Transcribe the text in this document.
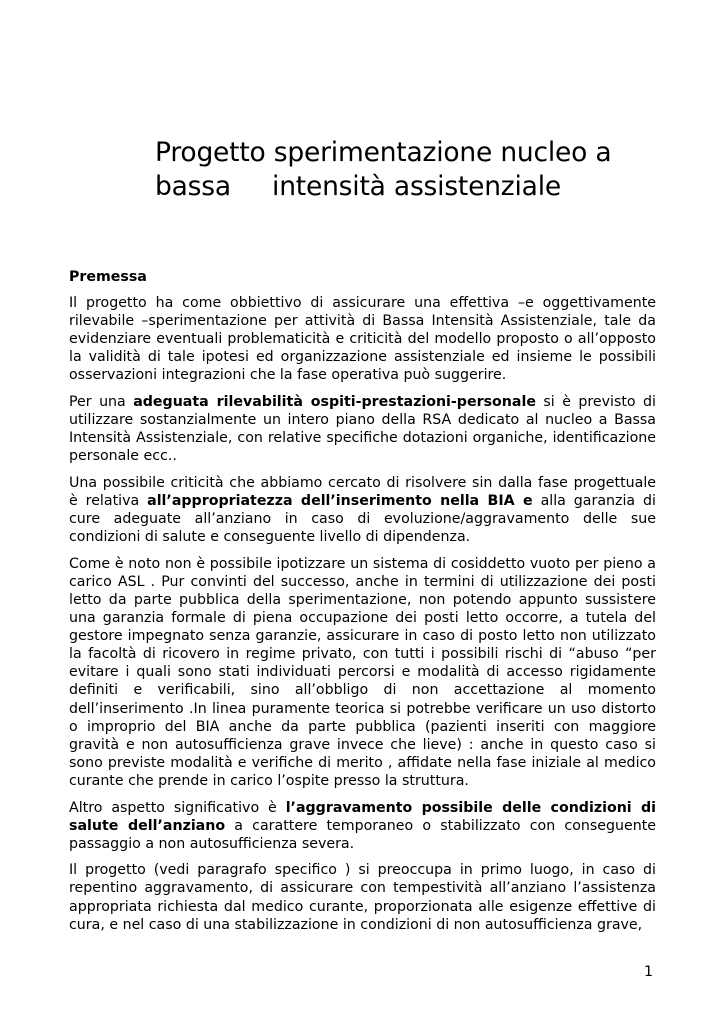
Progetto sperimentazione nucleo a
bassa     intensità assistenziale
Premessa

Il progetto ha come obbiettivo di assicurare una effettiva –e oggettivamente rilevabile –sperimentazione per attività di Bassa Intensità Assistenziale, tale da evidenziare eventuali problematicità e criticità del modello proposto o all’opposto la validità di tale ipotesi ed organizzazione assistenziale ed insieme le possibili osservazioni integrazioni che la fase operativa può suggerire.

Per una adeguata rilevabilità ospiti-prestazioni-personale si è previsto di utilizzare sostanzialmente un intero piano della RSA dedicato al nucleo a Bassa Intensità Assistenziale, con relative specifiche dotazioni organiche, identificazione personale ecc..

Una possibile criticità che abbiamo cercato di risolvere sin dalla fase progettuale è relativa all’appropriatezza dell’inserimento nella BIA e alla garanzia di cure adeguate all’anziano in caso di evoluzione/aggravamento delle sue condizioni di salute e conseguente livello di dipendenza.

Come è noto non è possibile ipotizzare un sistema di cosiddetto vuoto per pieno a carico ASL . Pur convinti del successo, anche in termini di utilizzazione dei posti letto da parte pubblica della sperimentazione, non potendo appunto sussistere una garanzia formale di piena occupazione dei posti letto occorre, a tutela del gestore impegnato senza garanzie, assicurare in caso di posto letto non utilizzato la facoltà di ricovero in regime privato, con tutti i possibili rischi di “abuso “per evitare i quali sono stati individuati percorsi e modalità di accesso rigidamente definiti e verificabili, sino all’obbligo di non accettazione al momento dell’inserimento .In linea puramente teorica si potrebbe verificare un uso distorto o improprio del BIA anche da parte pubblica (pazienti inseriti con maggiore gravità e non autosufficienza grave invece che lieve) : anche in questo caso si sono previste modalità e verifiche di merito , affidate nella fase iniziale al medico curante che prende in carico l’ospite presso la struttura.

Altro aspetto significativo è l’aggravamento possibile delle condizioni di salute dell’anziano a carattere temporaneo o stabilizzato con conseguente passaggio a non autosufficienza severa.

Il progetto (vedi paragrafo specifico ) si preoccupa in primo luogo, in caso di repentino aggravamento, di assicurare con tempestività all’anziano l’assistenza appropriata richiesta dal medico curante, proporzionata alle esigenze effettive di cura, e nel caso di una stabilizzazione in condizioni di non autosufficienza grave,

1
